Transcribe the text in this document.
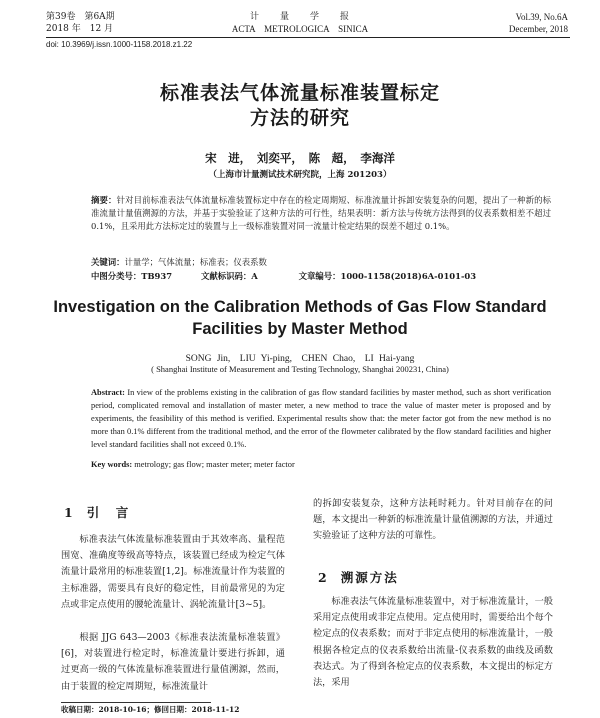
第39卷　第6A期
2018 年　12 月
计　　量　　学　　报
ACTA　METROLOGICA　SINICA
Vol.39, No.6A
December, 2018
doi: 10.3969/j.issn.1000-1158.2018.z1.22
标准表法气体流量标准装置标定
方法的研究
宋　进，　刘奕平，　陈　超，　李海洋
（上海市计量测试技术研究院，上海 201203）
摘要：针对目前标准表法气体流量标准装置标定中存在的检定周期短、标准流量计拆卸安装复杂的问题，提出了一种新的标准流量计量值溯源的方法，并基于实验验证了这种方法的可行性，结果表明：新方法与传统方法得到的仪表系数相差不超过 0.1%，且采用此方法标定过的装置与上一级标准装置对同一流量计检定结果的误差不超过 0.1%。
关键词：计量学；气体流量；标准表；仪表系数
中图分类号：TB937	文献标识码：A	文章编号：1000-1158(2018)6A-0101-03
Investigation on the Calibration Methods of Gas Flow Standard
Facilities by Master Method
SONG Jin,　LIU Yi-ping,　CHEN Chao,　LI Hai-yang
( Shanghai Institute of Measurement and Testing Technology, Shanghai 200231, China)
Abstract: In view of the problems existing in the calibration of gas flow standard facilities by master method, such as short verification period, complicated removal and installation of master meter, a new method to trace the value of master meter is proposed and by experiments, the feasibility of this method is verified. Experimental results show that: the meter factor got from the new method is no more than 0.1% different from the traditional method, and the error of the flowmeter calibrated by the flow standard facilities and higher level standard facilities shall not exceed 0.1%.
Key words: metrology; gas flow; master meter; meter factor
1 引　言
标准表法气体流量标准装置由于其效率高、量程范围宽、准确度等级高等特点，该装置已经成为检定气体流量计最常用的标准装置[1,2]。标准流量计作为装置的主标准器，需要具有良好的稳定性，目前最常见的为定点或非定点使用的腰轮流量计、涡轮流量计[3~5]。
根据 JJG 643—2003《标准表法流量标准装置》[6]，对装置进行检定时，标准流量计要进行拆卸，通过更高一级的气体流量标准装置进行量值溯源，然而，由于装置的检定周期短，标准流量计
的拆卸安装复杂，这种方法耗时耗力。针对目前存在的问题，本文提出一种新的标准流量计量值溯源的方法，并通过实验验证了这种方法的可靠性。
2 溯源方法
标准表法气体流量标准装置中，对于标准流量计，一般采用定点使用或非定点使用。定点使用时，需要给出个每个检定点的仪表系数；而对于非定点使用的标准流量计，一般根据各检定点的仪表系数给出流量-仪表系数的曲线及函数表达式。为了得到各检定点的仪表系数，本文提出的标定方法，采用
收稿日期：2018-10-16；修回日期：2018-11-12
